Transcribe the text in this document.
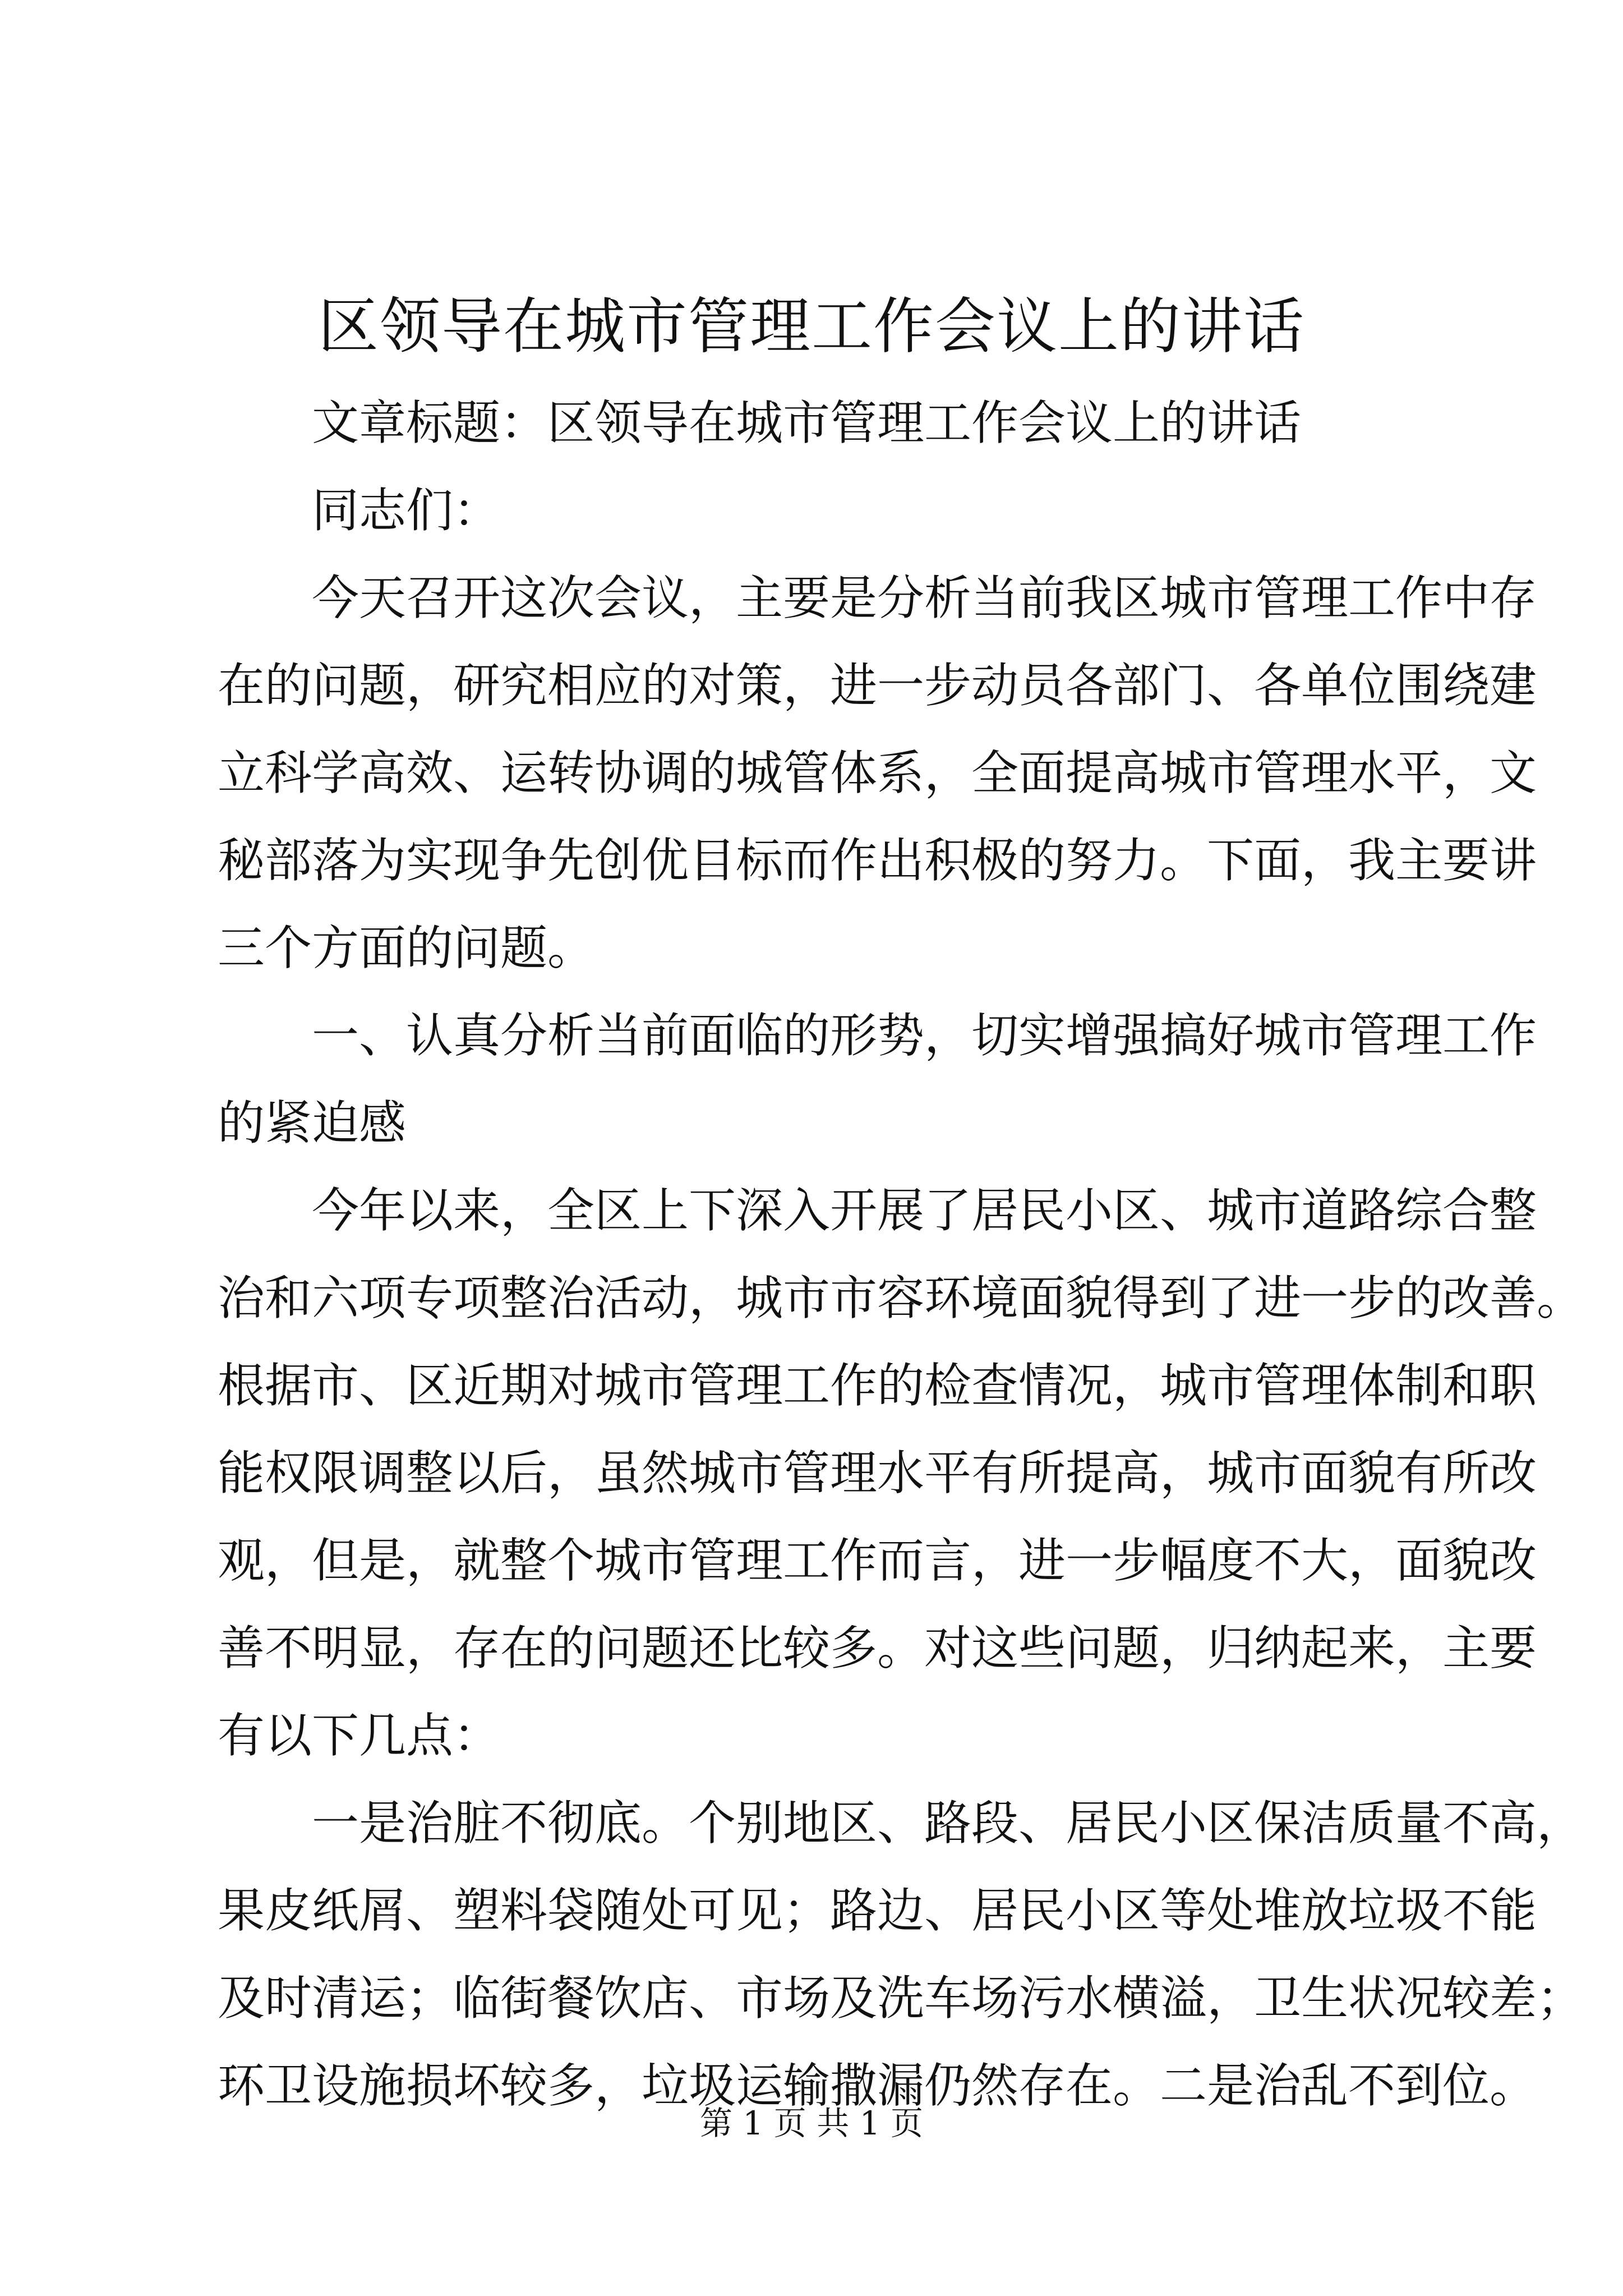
区领导在城市管理工作会议上的讲话
文章标题：区领导在城市管理工作会议上的讲话
同志们：
今天召开这次会议，主要是分析当前我区城市管理工作中存
在的问题，研究相应的对策，进一步动员各部门、各单位围绕建
立科学高效、运转协调的城管体系，全面提高城市管理水平，文
秘部落为实现争先创优目标而作出积极的努力。下面，我主要讲
三个方面的问题。
一、认真分析当前面临的形势，切实增强搞好城市管理工作
的紧迫感
今年以来，全区上下深入开展了居民小区、城市道路综合整
治和六项专项整治活动，城市市容环境面貌得到了进一步的改善。
根据市、区近期对城市管理工作的检查情况，城市管理体制和职
能权限调整以后，虽然城市管理水平有所提高，城市面貌有所改
观，但是，就整个城市管理工作而言，进一步幅度不大，面貌改
善不明显，存在的问题还比较多。对这些问题，归纳起来，主要
有以下几点：
一是治脏不彻底。个别地区、路段、居民小区保洁质量不高，
果皮纸屑、塑料袋随处可见；路边、居民小区等处堆放垃圾不能
及时清运；临街餐饮店、市场及洗车场污水横溢，卫生状况较差；
环卫设施损坏较多，垃圾运输撒漏仍然存在。二是治乱不到位。
第 1 页 共 1 页
